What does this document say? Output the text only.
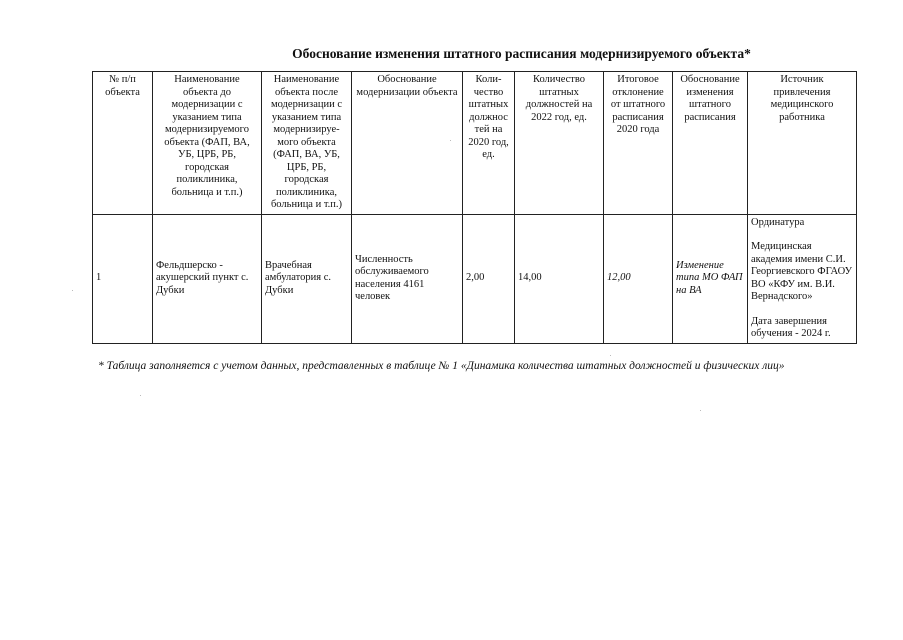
Обоснование изменения штатного расписания модернизируемого объекта*
№ п/п объекта	Наименование объекта до модернизации с указанием типа модернизируемого объекта (ФАП, ВА, УБ, ЦРБ, РБ, городская поликлиника, больница и т.п.)	Наименование объекта после модернизации с указанием типа модернизируе-мого объекта (ФАП, ВА, УБ, ЦРБ, РБ, городская поликлиника, больница и т.п.)	Обоснование модернизации объекта	Коли-чество штатных должнос тей на 2020 год, ед.	Количество штатных должностей на 2022 год, ед.	Итоговое отклонение от штатного расписания 2020 года	Обоснование изменения штатного расписания	Источник привлечения медицинского работника
1	Фельдшерско - акушерский пункт с. Дубки	Врачебная амбулатория с. Дубки	Численность обслуживаемого населения 4161 человек	2,00	14,00	12,00	Изменение типа МО ФАП на ВА	Ординатура
Медицинская академия имени С.И. Георгиевского ФГАОУ ВО «КФУ им. В.И. Вернадского»
Дата завершения обучения - 2024 г.
* Таблица заполняется с учетом данных, представленных в таблице № 1 «Динамика количества штатных должностей и физических лиц»
